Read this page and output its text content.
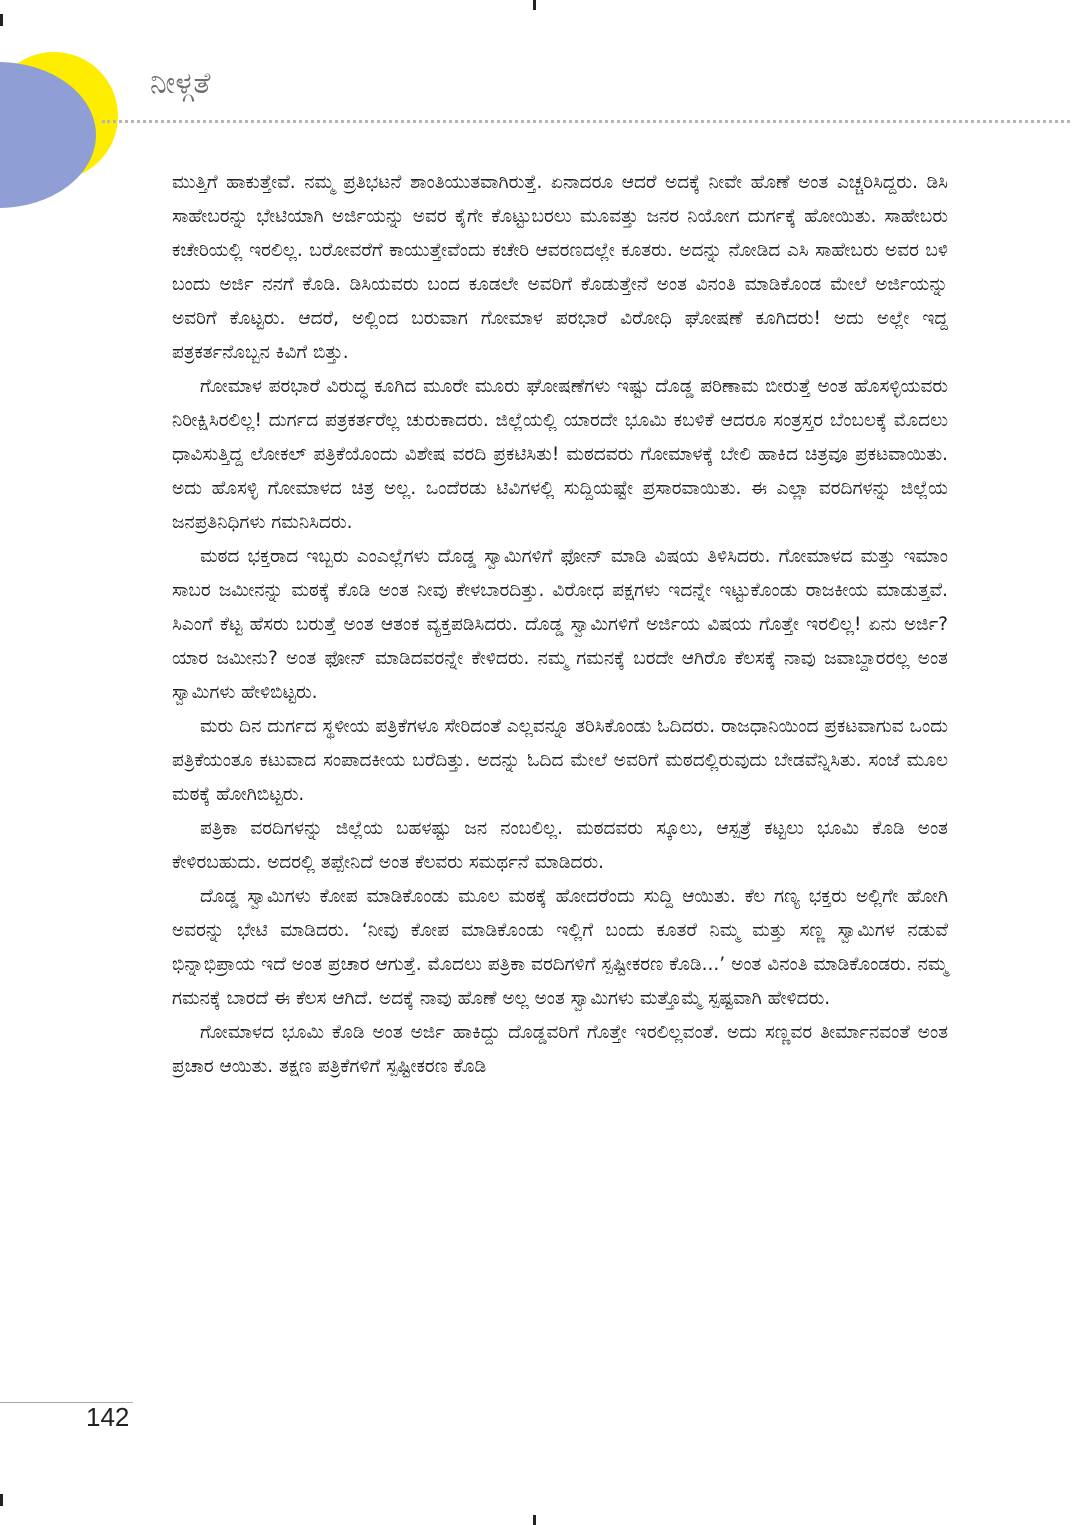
ನೀಳ್ಗತೆ

ಮುತ್ತಿಗೆ ಹಾಕುತ್ತೇವೆ. ನಮ್ಮ ಪ್ರತಿಭಟನೆ ಶಾಂತಿಯುತವಾಗಿರುತ್ತೆ. ಏನಾದರೂ ಆದರೆ ಅದಕ್ಕೆ ನೀವೇ ಹೊಣೆ ಅಂತ ಎಚ್ಚರಿಸಿದ್ದರು. ಡಿಸಿ ಸಾಹೇಬರನ್ನು ಭೇಟಿಯಾಗಿ ಅರ್ಜಿಯನ್ನು ಅವರ ಕೈಗೇ ಕೊಟ್ಟುಬರಲು ಮೂವತ್ತು ಜನರ ನಿಯೋಗ ದುರ್ಗಕ್ಕೆ ಹೋಯಿತು. ಸಾಹೇಬರು ಕಚೇರಿಯಲ್ಲಿ ಇರಲಿಲ್ಲ. ಬರೋವರೆಗೆ ಕಾಯುತ್ತೇವೆಂದು ಕಚೇರಿ ಆವರಣದಲ್ಲೇ ಕೂತರು. ಅದನ್ನು ನೋಡಿದ ಎಸಿ ಸಾಹೇಬರು ಅವರ ಬಳಿ ಬಂದು ಅರ್ಜಿ ನನಗೆ ಕೊಡಿ. ಡಿಸಿಯವರು ಬಂದ ಕೂಡಲೇ ಅವರಿಗೆ ಕೊಡುತ್ತೇನೆ ಅಂತ ವಿನಂತಿ ಮಾಡಿಕೊಂಡ ಮೇಲೆ ಅರ್ಜಿಯನ್ನು ಅವರಿಗೆ ಕೊಟ್ಟರು. ಆದರೆ, ಅಲ್ಲಿಂದ ಬರುವಾಗ ಗೋಮಾಳ ಪರಭಾರೆ ವಿರೋಧಿ ಘೋಷಣೆ ಕೂಗಿದರು! ಅದು ಅಲ್ಲೇ ಇದ್ದ ಪತ್ರಕರ್ತನೊಬ್ಬನ ಕಿವಿಗೆ ಬಿತ್ತು.

ಗೋಮಾಳ ಪರಭಾರೆ ವಿರುದ್ಧ ಕೂಗಿದ ಮೂರೇ ಮೂರು ಘೋಷಣೆಗಳು ಇಷ್ಟು ದೊಡ್ಡ ಪರಿಣಾಮ ಬೀರುತ್ತೆ ಅಂತ ಹೊಸಳ್ಳಿಯವರು ನಿರೀಕ್ಷಿಸಿರಲಿಲ್ಲ! ದುರ್ಗದ ಪತ್ರಕರ್ತರೆಲ್ಲ ಚುರುಕಾದರು. ಜಿಲ್ಲೆಯಲ್ಲಿ ಯಾರದೇ ಭೂಮಿ ಕಬಳಿಕೆ ಆದರೂ ಸಂತ್ರಸ್ತರ ಬೆಂಬಲಕ್ಕೆ ಮೊದಲು ಧಾವಿಸುತ್ತಿದ್ದ ಲೋಕಲ್ ಪತ್ರಿಕೆಯೊಂದು ವಿಶೇಷ ವರದಿ ಪ್ರಕಟಿಸಿತು! ಮಠದವರು ಗೋಮಾಳಕ್ಕೆ ಬೇಲಿ ಹಾಕಿದ ಚಿತ್ರವೂ ಪ್ರಕಟವಾಯಿತು. ಅದು ಹೊಸಳ್ಳಿ ಗೋಮಾಳದ ಚಿತ್ರ ಅಲ್ಲ. ಒಂದೆರಡು ಟಿವಿಗಳಲ್ಲಿ ಸುದ್ದಿಯಷ್ಟೇ ಪ್ರಸಾರವಾಯಿತು. ಈ ಎಲ್ಲಾ ವರದಿಗಳನ್ನು ಜಿಲ್ಲೆಯ ಜನಪ್ರತಿನಿಧಿಗಳು ಗಮನಿಸಿದರು.

ಮಠದ ಭಕ್ತರಾದ ಇಬ್ಬರು ಎಂಎಲ್ಲೆಗಳು ದೊಡ್ಡ ಸ್ವಾಮಿಗಳಿಗೆ ಫೋನ್ ಮಾಡಿ ವಿಷಯ ತಿಳಿಸಿದರು. ಗೋಮಾಳದ ಮತ್ತು ಇಮಾಂ ಸಾಬರ ಜಮೀನನ್ನು ಮಠಕ್ಕೆ ಕೊಡಿ ಅಂತ ನೀವು ಕೇಳಬಾರದಿತ್ತು. ವಿರೋಧ ಪಕ್ಷಗಳು ಇದನ್ನೇ ಇಟ್ಟುಕೊಂಡು ರಾಜಕೀಯ ಮಾಡುತ್ತವೆ. ಸಿಎಂಗೆ ಕೆಟ್ಟ ಹೆಸರು ಬರುತ್ತೆ ಅಂತ ಆತಂಕ ವ್ಯಕ್ತಪಡಿಸಿದರು. ದೊಡ್ಡ ಸ್ವಾಮಿಗಳಿಗೆ ಅರ್ಜಿಯ ವಿಷಯ ಗೊತ್ತೇ ಇರಲಿಲ್ಲ! ಏನು ಅರ್ಜಿ? ಯಾರ ಜಮೀನು? ಅಂತ ಫೋನ್ ಮಾಡಿದವರನ್ನೇ ಕೇಳಿದರು. ನಮ್ಮ ಗಮನಕ್ಕೆ ಬರದೇ ಆಗಿರೊ ಕೆಲಸಕ್ಕೆ ನಾವು ಜವಾಬ್ದಾರರಲ್ಲ ಅಂತ ಸ್ವಾಮಿಗಳು ಹೇಳಿಬಿಟ್ಟರು.

ಮರು ದಿನ ದುರ್ಗದ ಸ್ಥಳೀಯ ಪತ್ರಿಕೆಗಳೂ ಸೇರಿದಂತೆ ಎಲ್ಲವನ್ನೂ ತರಿಸಿಕೊಂಡು ಓದಿದರು. ರಾಜಧಾನಿಯಿಂದ ಪ್ರಕಟವಾಗುವ ಒಂದು ಪತ್ರಿಕೆಯಂತೂ ಕಟುವಾದ ಸಂಪಾದಕೀಯ ಬರೆದಿತ್ತು. ಅದನ್ನು ಓದಿದ ಮೇಲೆ ಅವರಿಗೆ ಮಠದಲ್ಲಿರುವುದು ಬೇಡವೆನ್ನಿಸಿತು. ಸಂಜೆ ಮೂಲ ಮಠಕ್ಕೆ ಹೋಗಿಬಿಟ್ಟರು.

ಪತ್ರಿಕಾ ವರದಿಗಳನ್ನು ಜಿಲ್ಲೆಯ ಬಹಳಷ್ಟು ಜನ ನಂಬಲಿಲ್ಲ. ಮಠದವರು ಸ್ಕೂಲು, ಆಸ್ಪತ್ರೆ ಕಟ್ಟಲು ಭೂಮಿ ಕೊಡಿ ಅಂತ ಕೇಳಿರಬಹುದು. ಅದರಲ್ಲಿ ತಪ್ಪೇನಿದೆ ಅಂತ ಕೆಲವರು ಸಮರ್ಥನೆ ಮಾಡಿದರು.

ದೊಡ್ಡ ಸ್ವಾಮಿಗಳು ಕೋಪ ಮಾಡಿಕೊಂಡು ಮೂಲ ಮಠಕ್ಕೆ ಹೋದರೆಂದು ಸುದ್ದಿ ಆಯಿತು. ಕೆಲ ಗಣ್ಯ ಭಕ್ತರು ಅಲ್ಲಿಗೇ ಹೋಗಿ ಅವರನ್ನು ಭೇಟಿ ಮಾಡಿದರು. ‘ನೀವು ಕೋಪ ಮಾಡಿಕೊಂಡು ಇಲ್ಲಿಗೆ ಬಂದು ಕೂತರೆ ನಿಮ್ಮ ಮತ್ತು ಸಣ್ಣ ಸ್ವಾಮಿಗಳ ನಡುವೆ ಭಿನ್ನಾಭಿಪ್ರಾಯ ಇದೆ ಅಂತ ಪ್ರಚಾರ ಆಗುತ್ತೆ. ಮೊದಲು ಪತ್ರಿಕಾ ವರದಿಗಳಿಗೆ ಸ್ಪಷ್ಟೀಕರಣ ಕೊಡಿ...’ ಅಂತ ವಿನಂತಿ ಮಾಡಿಕೊಂಡರು. ನಮ್ಮ ಗಮನಕ್ಕೆ ಬಾರದೆ ಈ ಕೆಲಸ ಆಗಿದೆ. ಅದಕ್ಕೆ ನಾವು ಹೊಣೆ ಅಲ್ಲ ಅಂತ ಸ್ವಾಮಿಗಳು ಮತ್ತೊಮ್ಮೆ ಸ್ಪಷ್ಟವಾಗಿ ಹೇಳಿದರು.

ಗೋಮಾಳದ ಭೂಮಿ ಕೊಡಿ ಅಂತ ಅರ್ಜಿ ಹಾಕಿದ್ದು ದೊಡ್ಡವರಿಗೆ ಗೊತ್ತೇ ಇರಲಿಲ್ಲವಂತೆ. ಅದು ಸಣ್ಣವರ ತೀರ್ಮಾನವಂತೆ ಅಂತ ಪ್ರಚಾರ ಆಯಿತು. ತಕ್ಷಣ ಪತ್ರಿಕೆಗಳಿಗೆ ಸ್ಪಷ್ಟೀಕರಣ ಕೊಡಿ

142
